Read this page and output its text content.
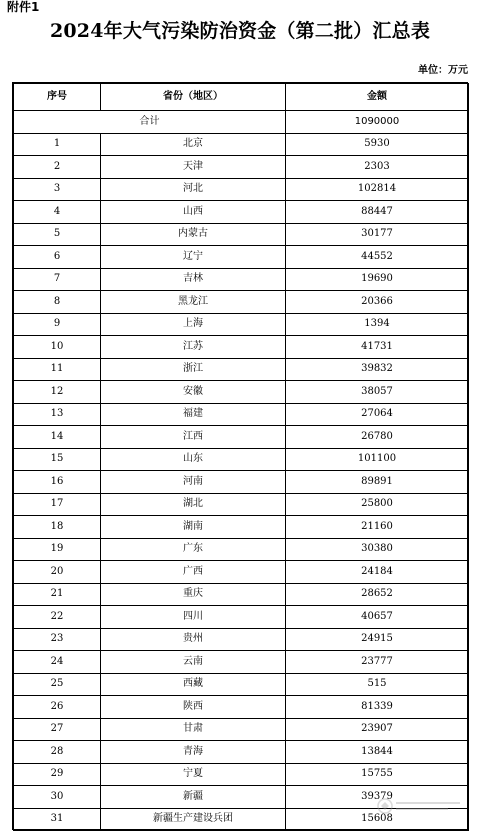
附件1
2024年大气污染防治资金（第二批）汇总表
单位：万元
序号	省份（地区）	金额
合计		1090000
1	北京	5930
2	天津	2303
3	河北	102814
4	山西	88447
5	内蒙古	30177
6	辽宁	44552
7	吉林	19690
8	黑龙江	20366
9	上海	1394
10	江苏	41731
11	浙江	39832
12	安徽	38057
13	福建	27064
14	江西	26780
15	山东	101100
16	河南	89891
17	湖北	25800
18	湖南	21160
19	广东	30380
20	广西	24184
21	重庆	28652
22	四川	40657
23	贵州	24915
24	云南	23777
25	西藏	515
26	陕西	81339
27	甘肃	23907
28	青海	13844
29	宁夏	15755
30	新疆	39379
31	新疆生产建设兵团	15608
